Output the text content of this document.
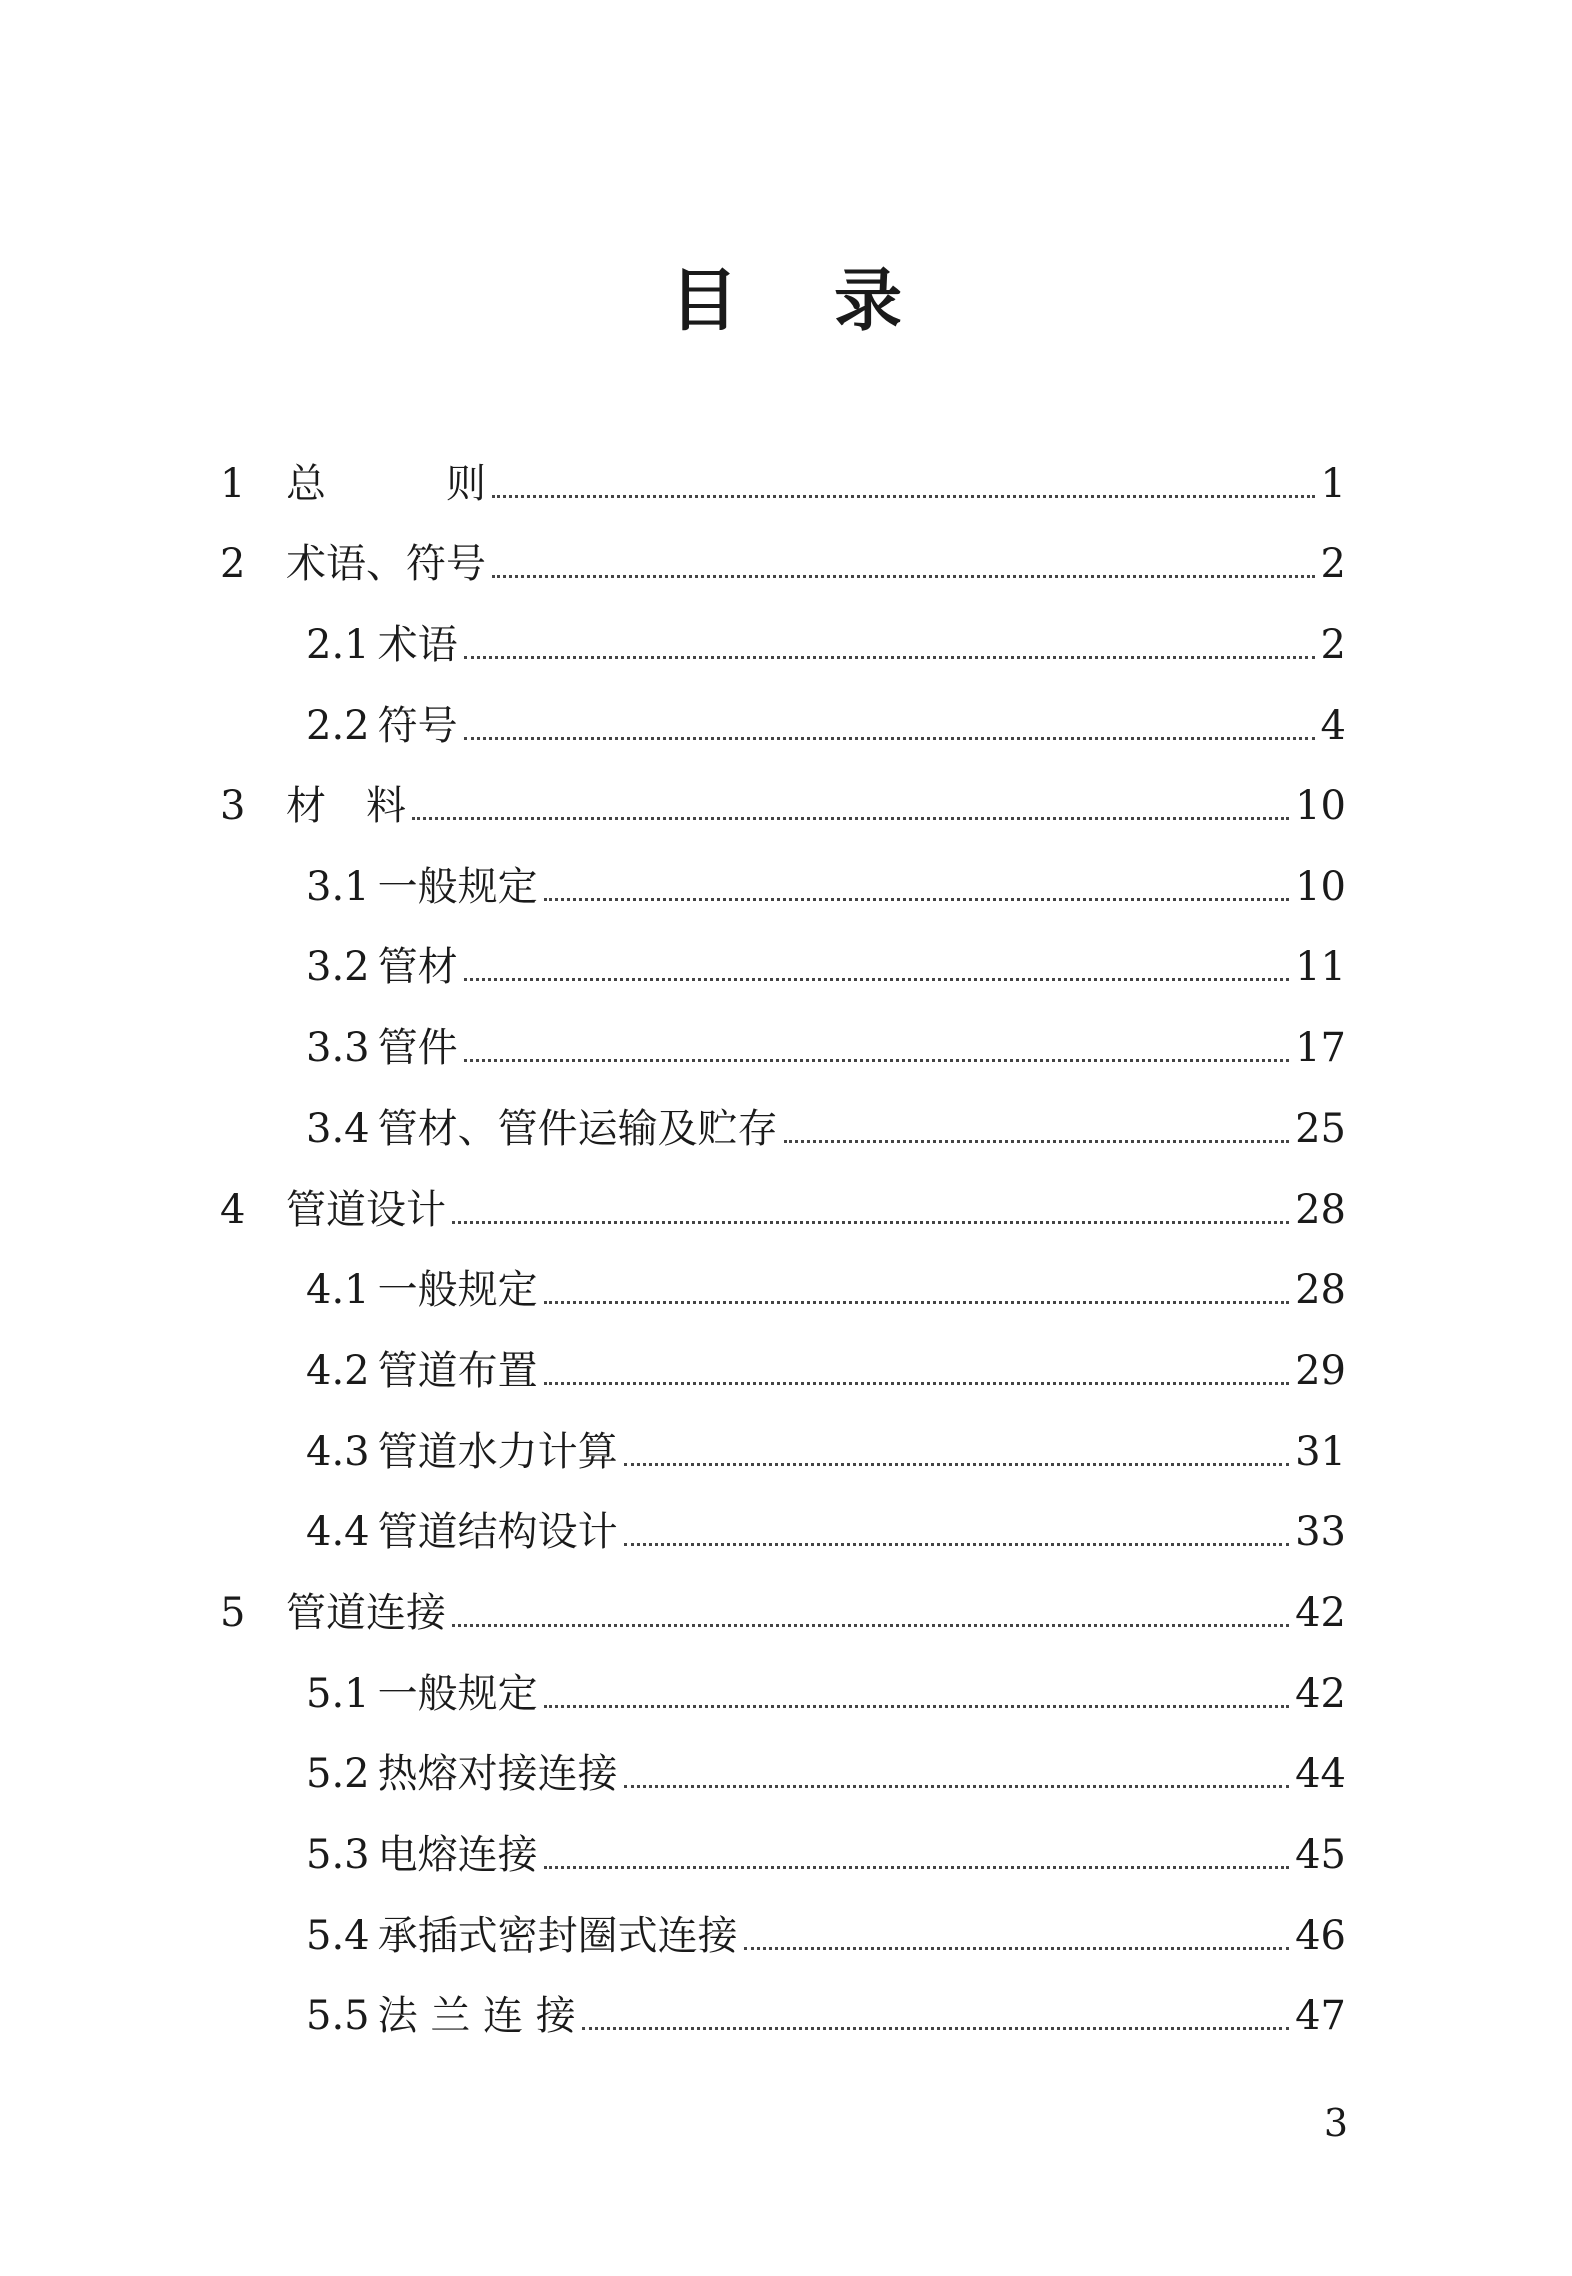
目录
1	总　　　则	1
2	术语、符号	2
2.1 术语	2
2.2 符号	4
3	材　料	10
3.1 一般规定	10
3.2 管材	11
3.3 管件	17
3.4 管材、管件运输及贮存	25
4	管道设计	28
4.1 一般规定	28
4.2 管道布置	29
4.3 管道水力计算	31
4.4 管道结构设计	33
5	管道连接	42
5.1 一般规定	42
5.2 热熔对接连接	44
5.3 电熔连接	45
5.4 承插式密封圈式连接	46
5.5 法 兰 连 接	47
3
